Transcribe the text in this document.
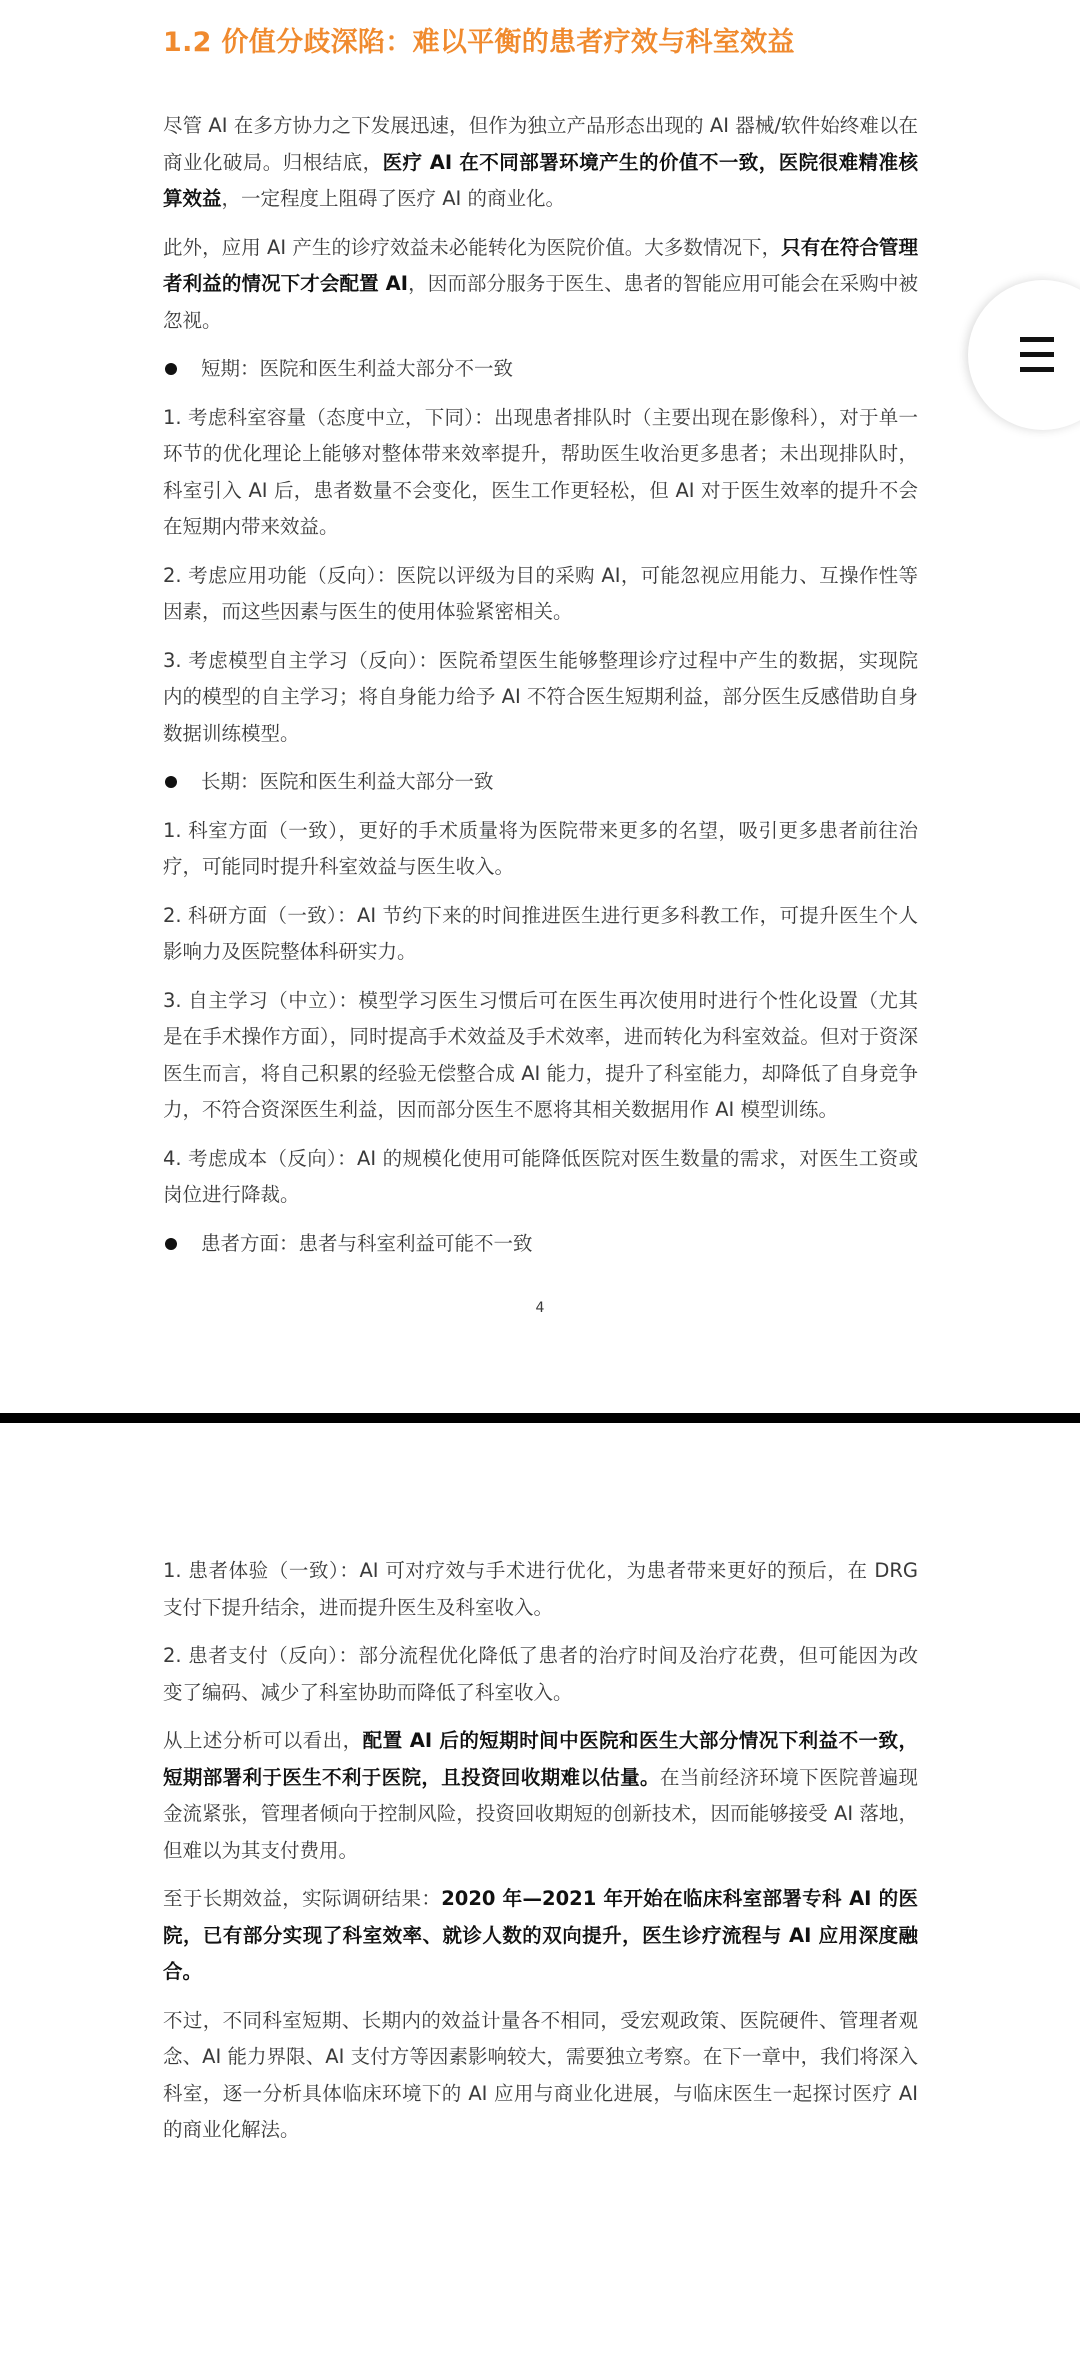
1.2 价值分歧深陷：难以平衡的患者疗效与科室效益

尽管 AI 在多方协力之下发展迅速，但作为独立产品形态出现的 AI 器械/软件始终难以在商业化破局。归根结底，医疗 AI 在不同部署环境产生的价值不一致，医院很难精准核算效益，一定程度上阻碍了医疗 AI 的商业化。

此外，应用 AI 产生的诊疗效益未必能转化为医院价值。大多数情况下，只有在符合管理者利益的情况下才会配置 AI，因而部分服务于医生、患者的智能应用可能会在采购中被忽视。

短期：医院和医生利益大部分不一致

1. 考虑科室容量（态度中立，下同）：出现患者排队时（主要出现在影像科），对于单一环节的优化理论上能够对整体带来效率提升，帮助医生收治更多患者；未出现排队时，科室引入 AI 后，患者数量不会变化，医生工作更轻松，但 AI 对于医生效率的提升不会在短期内带来效益。

2. 考虑应用功能（反向）：医院以评级为目的采购 AI，可能忽视应用能力、互操作性等因素，而这些因素与医生的使用体验紧密相关。

3. 考虑模型自主学习（反向）：医院希望医生能够整理诊疗过程中产生的数据，实现院内的模型的自主学习；将自身能力给予 AI 不符合医生短期利益，部分医生反感借助自身数据训练模型。

长期：医院和医生利益大部分一致

1. 科室方面（一致），更好的手术质量将为医院带来更多的名望，吸引更多患者前往治疗，可能同时提升科室效益与医生收入。

2. 科研方面（一致）：AI 节约下来的时间推进医生进行更多科教工作，可提升医生个人影响力及医院整体科研实力。

3. 自主学习（中立）：模型学习医生习惯后可在医生再次使用时进行个性化设置（尤其是在手术操作方面），同时提高手术效益及手术效率，进而转化为科室效益。但对于资深医生而言，将自己积累的经验无偿整合成 AI 能力，提升了科室能力，却降低了自身竞争力，不符合资深医生利益，因而部分医生不愿将其相关数据用作 AI 模型训练。

4. 考虑成本（反向）：AI 的规模化使用可能降低医院对医生数量的需求，对医生工资或岗位进行降裁。

患者方面：患者与科室利益可能不一致
4

1. 患者体验（一致）：AI 可对疗效与手术进行优化，为患者带来更好的预后，在 DRG 支付下提升结余，进而提升医生及科室收入。

2. 患者支付（反向）：部分流程优化降低了患者的治疗时间及治疗花费，但可能因为改变了编码、减少了科室协助而降低了科室收入。

从上述分析可以看出，配置 AI 后的短期时间中医院和医生大部分情况下利益不一致，短期部署利于医生不利于医院，且投资回收期难以估量。在当前经济环境下医院普遍现金流紧张，管理者倾向于控制风险，投资回收期短的创新技术，因而能够接受 AI 落地，但难以为其支付费用。

至于长期效益，实际调研结果：2020 年—2021 年开始在临床科室部署专科 AI 的医院，已有部分实现了科室效率、就诊人数的双向提升，医生诊疗流程与 AI 应用深度融合。

不过，不同科室短期、长期内的效益计量各不相同，受宏观政策、医院硬件、管理者观念、AI 能力界限、AI 支付方等因素影响较大，需要独立考察。在下一章中，我们将深入科室，逐一分析具体临床环境下的 AI 应用与商业化进展，与临床医生一起探讨医疗 AI 的商业化解法。
